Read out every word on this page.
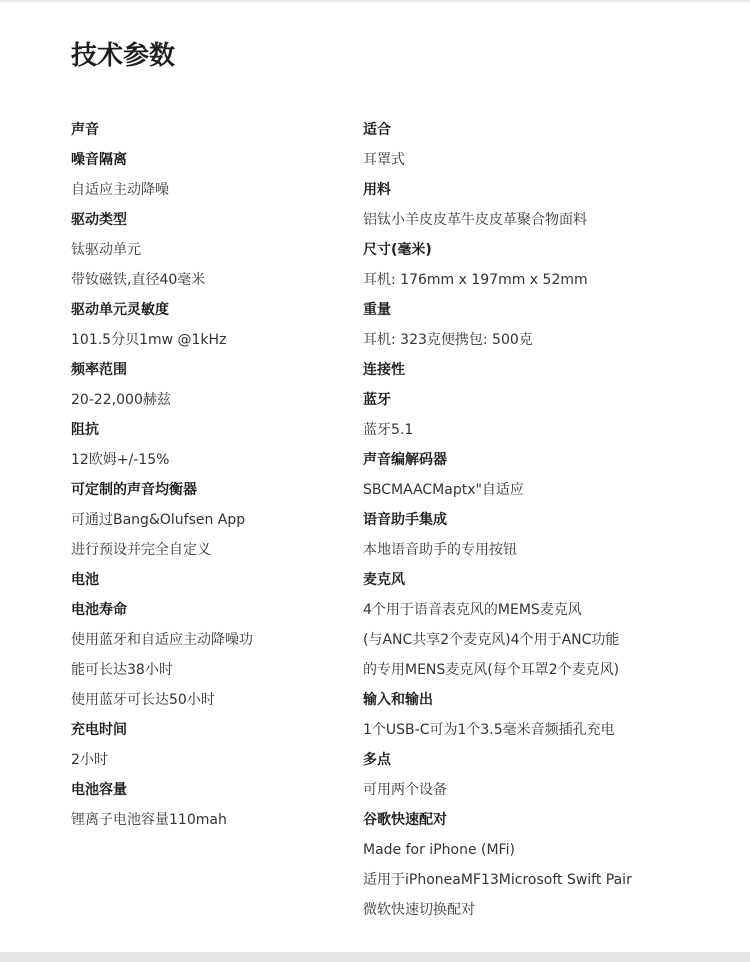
技术参数
声音
噪音隔离
自适应主动降噪
驱动类型
钛驱动单元
带钕磁铁,直径40毫米
驱动单元灵敏度
101.5分贝1mw @1kHz
频率范围
20-22,000赫兹
阻抗
12欧姆+/-15%
可定制的声音均衡器
可通过Bang&Olufsen App
进行预设并完全自定义
电池
电池寿命
使用蓝牙和自适应主动降噪功
能可长达38小时
使用蓝牙可长达50小时
充电时间
2小时
电池容量
锂离子电池容量110mah
适合
耳罩式
用料
铝钛小羊皮皮革牛皮皮革聚合物面料
尺寸(毫米)
耳机: 176mm x 197mm x 52mm
重量
耳机: 323克便携包: 500克
连接性
蓝牙
蓝牙5.1
声音编解码器
SBCMAACMaptx"自适应
语音助手集成
本地语音助手的专用按钮
麦克风
4个用于语音表克风的MEMS麦克风
(与ANC共享2个麦克风)4个用于ANC功能
的专用MENS麦克风(每个耳罩2个麦克风)
输入和输出
1个USB-C可为1个3.5毫米音频插孔充电
多点
可用两个设备
谷歌快速配对
Made for iPhone (MFi)
适用于iPhoneaMF13Microsoft Swift Pair
微软快速切换配对
